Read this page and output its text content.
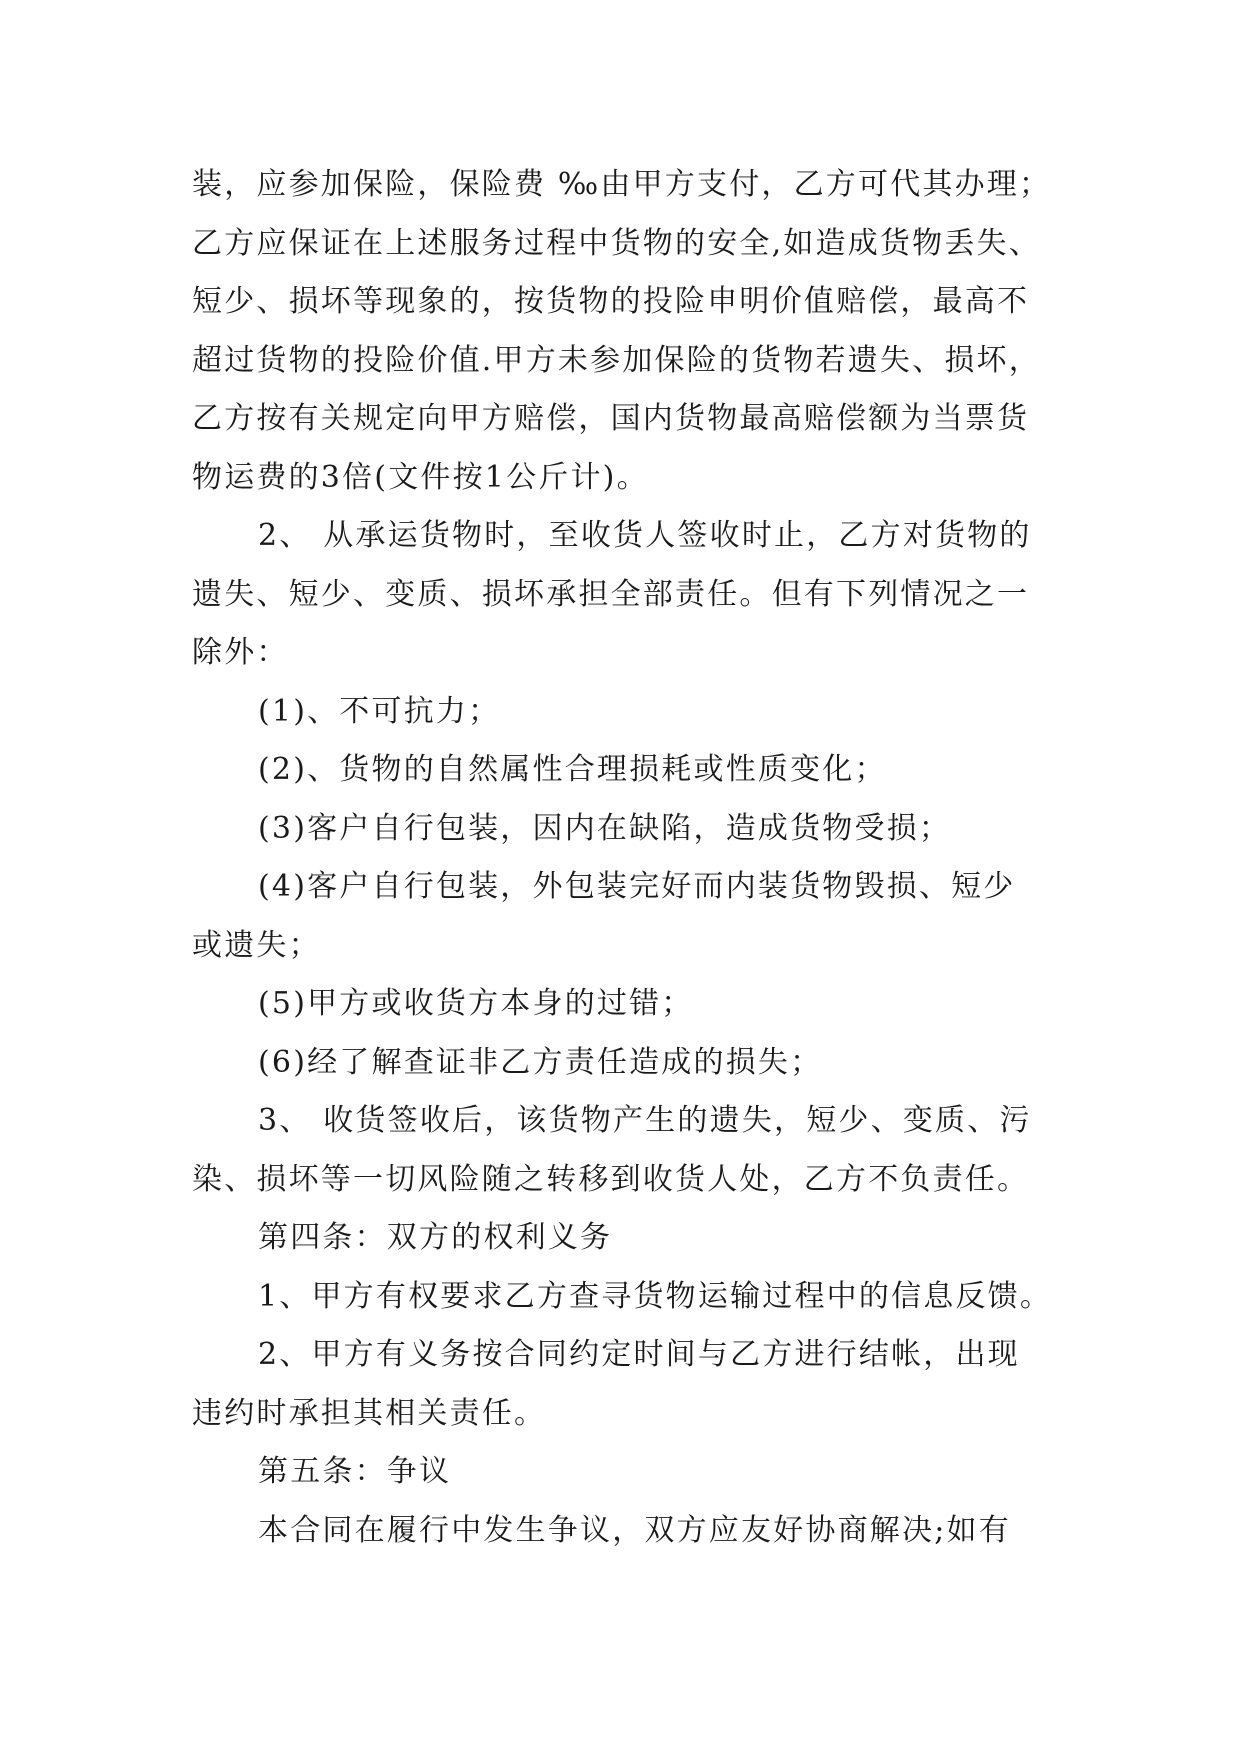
装，应参加保险，保险费 ‰由甲方支付，乙方可代其办理；
乙方应保证在上述服务过程中货物的安全,如造成货物丢失、
短少、损坏等现象的，按货物的投险申明价值赔偿，最高不
超过货物的投险价值.甲方未参加保险的货物若遗失、损坏，
乙方按有关规定向甲方赔偿，国内货物最高赔偿额为当票货
物运费的3倍(文件按1公斤计)。
2、 从承运货物时，至收货人签收时止，乙方对货物的
遗失、短少、变质、损坏承担全部责任。但有下列情况之一
除外：
(1)、不可抗力；
(2)、货物的自然属性合理损耗或性质变化；
(3)客户自行包装，因内在缺陷，造成货物受损；
(4)客户自行包装，外包装完好而内装货物毁损、短少
或遗失；
(5)甲方或收货方本身的过错；
(6)经了解查证非乙方责任造成的损失；
3、 收货签收后，该货物产生的遗失，短少、变质、污
染、损坏等一切风险随之转移到收货人处，乙方不负责任。
第四条：双方的权利义务
1、甲方有权要求乙方查寻货物运输过程中的信息反馈。
2、甲方有义务按合同约定时间与乙方进行结帐，出现
违约时承担其相关责任。
第五条：争议
本合同在履行中发生争议，双方应友好协商解决;如有
